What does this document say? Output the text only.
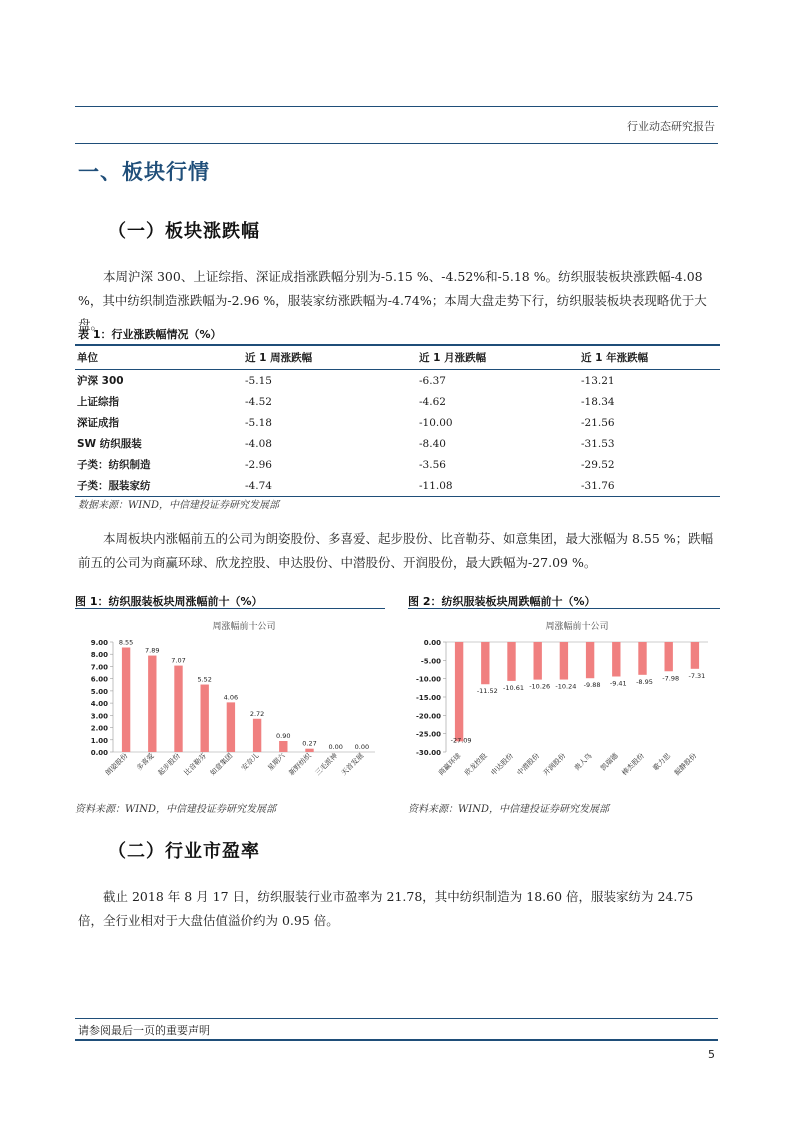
行业动态研究报告
一、板块行情
（一）板块涨跌幅
本周沪深 300、上证综指、深证成指涨跌幅分别为-5.15 %、-4.52%和-5.18 %。纺织服装板块涨跌幅-4.08 %，其中纺织制造涨跌幅为-2.96 %，服装家纺涨跌幅为-4.74%；本周大盘走势下行，纺织服装板块表现略优于大盘。
表 1：行业涨跌幅情况（%）
单位	近 1 周涨跌幅	近 1 月涨跌幅	近 1 年涨跌幅
沪深 300	-5.15	-6.37	-13.21
上证综指	-4.52	-4.62	-18.34
深证成指	-5.18	-10.00	-21.56
SW 纺织服装	-4.08	-8.40	-31.53
子类：纺织制造	-2.96	-3.56	-29.52
子类：服装家纺	-4.74	-11.08	-31.76
数据来源：WIND，中信建投证券研究发展部
本周板块内涨幅前五的公司为朗姿股份、多喜爱、起步股份、比音勒芬、如意集团，最大涨幅为 8.55 %；跌幅前五的公司为商赢环球、欣龙控股、申达股份、中潜股份、开润股份，最大跌幅为-27.09 %。
图 1：纺织服装板块周涨幅前十（%）	图 2：纺织服装板块周跌幅前十（%）
周涨幅前十公司
9.00
8.00
7.00
6.00
5.00
4.00
3.00
2.00
1.00
0.00
8.55
朗姿股份
7.89
多喜爱
7.07
起步股份
5.52
比音勒芬
4.06
如意集团
2.72
安奈儿
0.90
星期六
0.27
新野纺织
0.00
三毛派神
0.00
天首发展
周涨幅前十公司
0.00
-5.00
-10.00
-15.00
-20.00
-25.00
-30.00
-27.09
商赢环球
-11.52
欣龙控股
-10.61
申达股份
-10.26
中潜股份
-10.24
开润股份
-9.88
贵人鸟
-9.41
凯瑞德
-8.95
棒杰股份
-7.98
歌力思
-7.31
振静股份
资料来源：WIND，中信建投证券研究发展部	资料来源：WIND，中信建投证券研究发展部
（二）行业市盈率
截止 2018 年 8 月 17 日，纺织服装行业市盈率为 21.78，其中纺织制造为 18.60 倍，服装家纺为 24.75 倍，全行业相对于大盘估值溢价约为 0.95 倍。
请参阅最后一页的重要声明
5
